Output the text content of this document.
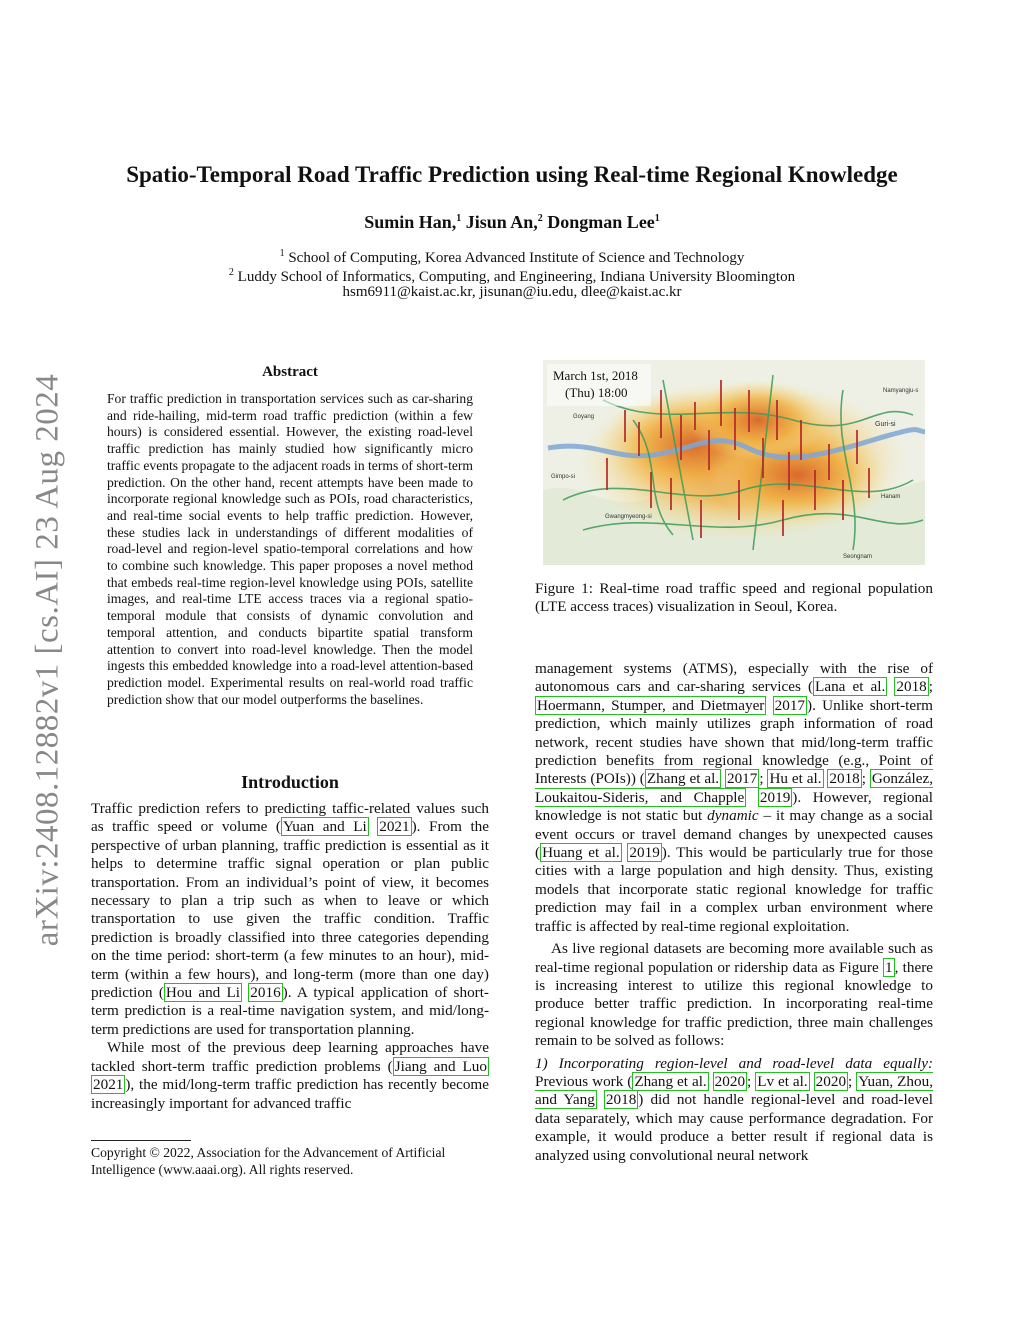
arXiv:2408.12882v1 [cs.AI] 23 Aug 2024
Spatio-Temporal Road Traffic Prediction using Real-time Regional Knowledge
Sumin Han,$^1$ Jisun An,$^2$ Dongman Lee$^1$
$^1$ School of Computing, Korea Advanced Institute of Science and Technology
$^2$ Luddy School of Informatics, Computing, and Engineering, Indiana University Bloomington
hsm6911@kaist.ac.kr, jisunan@iu.edu, dlee@kaist.ac.kr
Abstract

For traffic prediction in transportation services such as car-sharing and ride-hailing, mid-term road traffic prediction (within a few hours) is considered essential. However, the existing road-level traffic prediction has mainly studied how significantly micro traffic events propagate to the adjacent roads in terms of short-term prediction. On the other hand, recent attempts have been made to incorporate regional knowledge such as POIs, road characteristics, and real-time social events to help traffic prediction. However, these studies lack in understandings of different modalities of road-level and region-level spatio-temporal correlations and how to combine such knowledge. This paper proposes a novel method that embeds real-time region-level knowledge using POIs, satellite images, and real-time LTE access traces via a regional spatio-temporal module that consists of dynamic convolution and temporal attention, and conducts bipartite spatial transform attention to convert into road-level knowledge. Then the model ingests this embedded knowledge into a road-level attention-based prediction model. Experimental results on real-world road traffic prediction show that our model outperforms the baselines.

Introduction

Traffic prediction refers to predicting taffic-related values such as traffic speed or volume ( Yuan and Li 2021 ). From the perspective of urban planning, traffic prediction is essential as it helps to determine traffic signal operation or plan public transportation. From an individual’s point of view, it becomes necessary to plan a trip such as when to leave or which transportation to use given the traffic condition. Traffic prediction is broadly classified into three categories depending on the time period: short-term (a few minutes to an hour), mid-term (within a few hours), and long-term (more than one day) prediction ( Hou and Li 2016 ). A typical application of short-term prediction is a real-time navigation system, and mid/long-term predictions are used for transportation planning.

While most of the previous deep learning approaches have tackled short-term traffic prediction problems ( Jiang and Luo 2021 ), the mid/long-term traffic prediction has recently become increasingly important for advanced traffic

Copyright © 2022, Association for the Advancement of Artificial Intelligence (www.aaai.org). All rights reserved.

March 1st, 2018
(Thu) 18:00	Namyangju-s
Guri-si
Goyang
Gimpo-si
Gwangmyeong-si
Hanam
Seongnam

Figure 1: Real-time road traffic speed and regional population (LTE access traces) visualization in Seoul, Korea.

management systems (ATMS), especially with the rise of autonomous cars and car-sharing services ( Lana et al. 2018 ; Hoermann, Stumper, and Dietmayer 2017 ). Unlike short-term prediction, which mainly utilizes graph information of road network, recent studies have shown that mid/long-term traffic prediction benefits from regional knowledge (e.g., Point of Interests (POIs)) ( Zhang et al. 2017 ; Hu et al. 2018 ; González, Loukaitou-Sideris, and Chapple 2019 ). However, regional knowledge is not static but dynamic – it may change as a social event occurs or travel demand changes by unexpected causes ( Huang et al. 2019 ). This would be particularly true for those cities with a large population and high density. Thus, existing models that incorporate static regional knowledge for traffic prediction may fail in a complex urban environment where traffic is affected by real-time regional exploitation.

As live regional datasets are becoming more available such as real-time regional population or ridership data as Figure 1 , there is increasing interest to utilize this regional knowledge to produce better traffic prediction. In incorporating real-time regional knowledge for traffic prediction, three main challenges remain to be solved as follows:

1) Incorporating region-level and road-level data equally: Previous work ( Zhang et al. 2020 ; Lv et al. 2020 ; Yuan, Zhou, and Yang 2018 ) did not handle regional-level and road-level data separately, which may cause performance degradation. For example, it would produce a better result if regional data is analyzed using convolutional neural network
